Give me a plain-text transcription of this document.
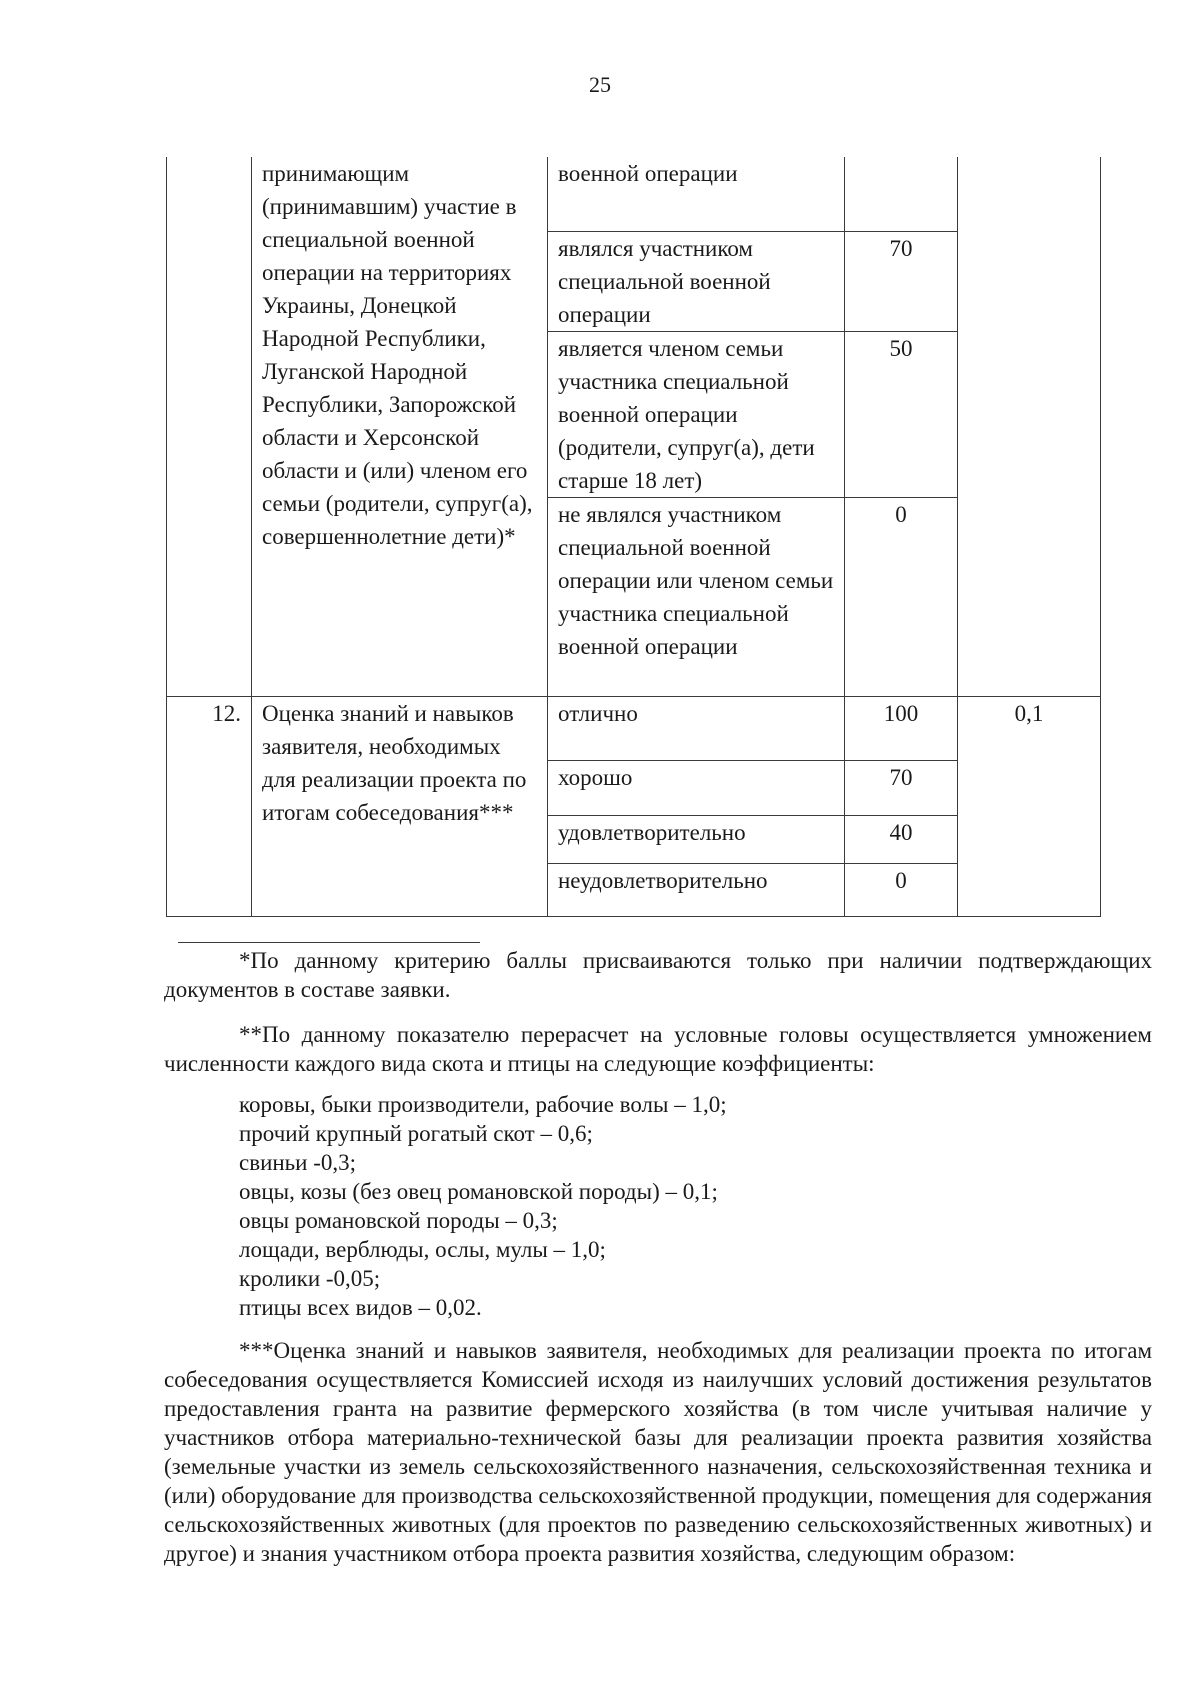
25
	принимающим (принимавшим) участие в специальной военной операции на территориях Украины, Донецкой Народной Республики, Луганской Народной Республики, Запорожской области и Херсонской области и (или) членом его семьи (родители, супруг(а), совершеннолетние дети)*	военной операции		
		являлся участником специальной военной операции	70	
		является членом семьи участника специальной военной операции (родители, супруг(а), дети старше 18 лет)	50	
		не являлся участником специальной военной операции или членом семьи участника специальной военной операции	0	
12.	Оценка знаний и навыков заявителя, необходимых для реализации проекта по итогам собеседования***	отлично	100	0,1
		хорошо	70	
		удовлетворительно	40	
		неудовлетворительно	0	

*По данному критерию баллы присваиваются только при наличии подтверждающих документов в составе заявки.

**По данному показателю перерасчет на условные головы осуществляется умножением численности каждого вида скота и птицы на следующие коэффициенты:

коровы, быки производители, рабочие волы – 1,0;
прочий крупный рогатый скот – 0,6;
свиньи -0,3;
овцы, козы (без овец романовской породы) – 0,1;
овцы романовской породы – 0,3;
лощади, верблюды, ослы, мулы – 1,0;
кролики -0,05;
птицы всех видов – 0,02.

***Оценка знаний и навыков заявителя, необходимых для реализации проекта по итогам собеседования осуществляется Комиссией исходя из наилучших условий достижения результатов предоставления гранта на развитие фермерского хозяйства (в том числе учитывая наличие у участников отбора материально-технической базы для реализации проекта развития хозяйства (земельные участки из земель сельскохозяйственного назначения, сельскохозяйственная техника и (или) оборудование для производства сельскохозяйственной продукции, помещения для содержания сельскохозяйственных животных (для проектов по разведению сельскохозяйственных животных) и другое) и знания участником отбора проекта развития хозяйства, следующим образом:
